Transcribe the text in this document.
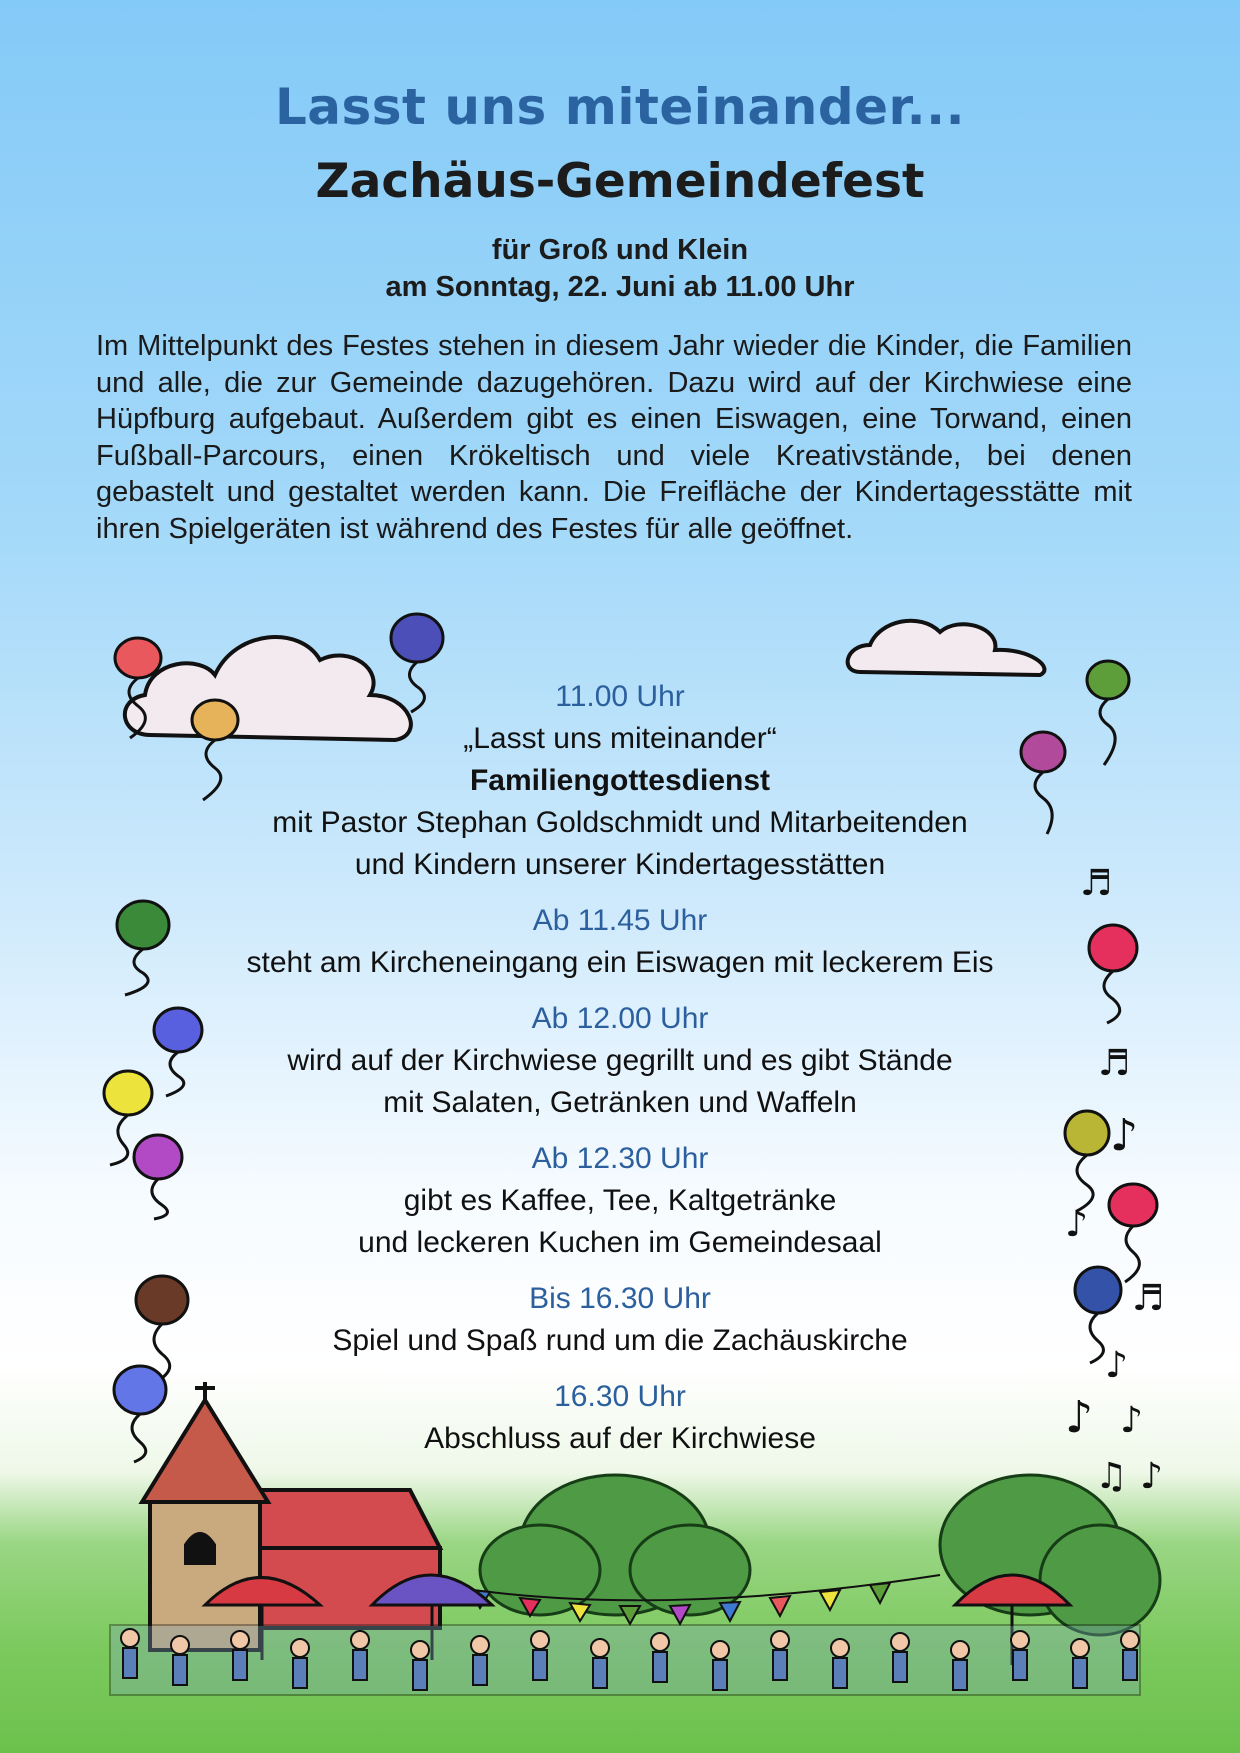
♬
♬
♪
♪
♬
♪
♪ ♪
♫ ♪
Lasst uns miteinander...
Zachäus-Gemeindefest
für Groß und Klein
am Sonntag, 22. Juni ab 11.00 Uhr

Im Mittelpunkt des Festes stehen in diesem Jahr wieder die Kinder, die Familien und alle, die zur Gemeinde dazugehören. Dazu wird auf der Kirchwiese eine Hüpfburg aufgebaut. Außerdem gibt es einen Eiswagen, eine Torwand, einen Fußball-Parcours, einen Krökeltisch und viele Kreativstände, bei denen gebastelt und gestaltet werden kann. Die Freifläche der Kindertagesstätte mit ihren Spielgeräten ist während des Festes für alle geöffnet.

11.00 Uhr
„Lasst uns miteinander“
Familiengottesdienst
mit Pastor Stephan Goldschmidt und Mitarbeitenden
und Kindern unserer Kindertagesstätten
Ab 11.45 Uhr
steht am Kircheneingang ein Eiswagen mit leckerem Eis
Ab 12.00 Uhr
wird auf der Kirchwiese gegrillt und es gibt Stände
mit Salaten, Getränken und Waffeln
Ab 12.30 Uhr
gibt es Kaffee, Tee, Kaltgetränke
und leckeren Kuchen im Gemeindesaal
Bis 16.30 Uhr
Spiel und Spaß rund um die Zachäuskirche
16.30 Uhr
Abschluss auf der Kirchwiese
